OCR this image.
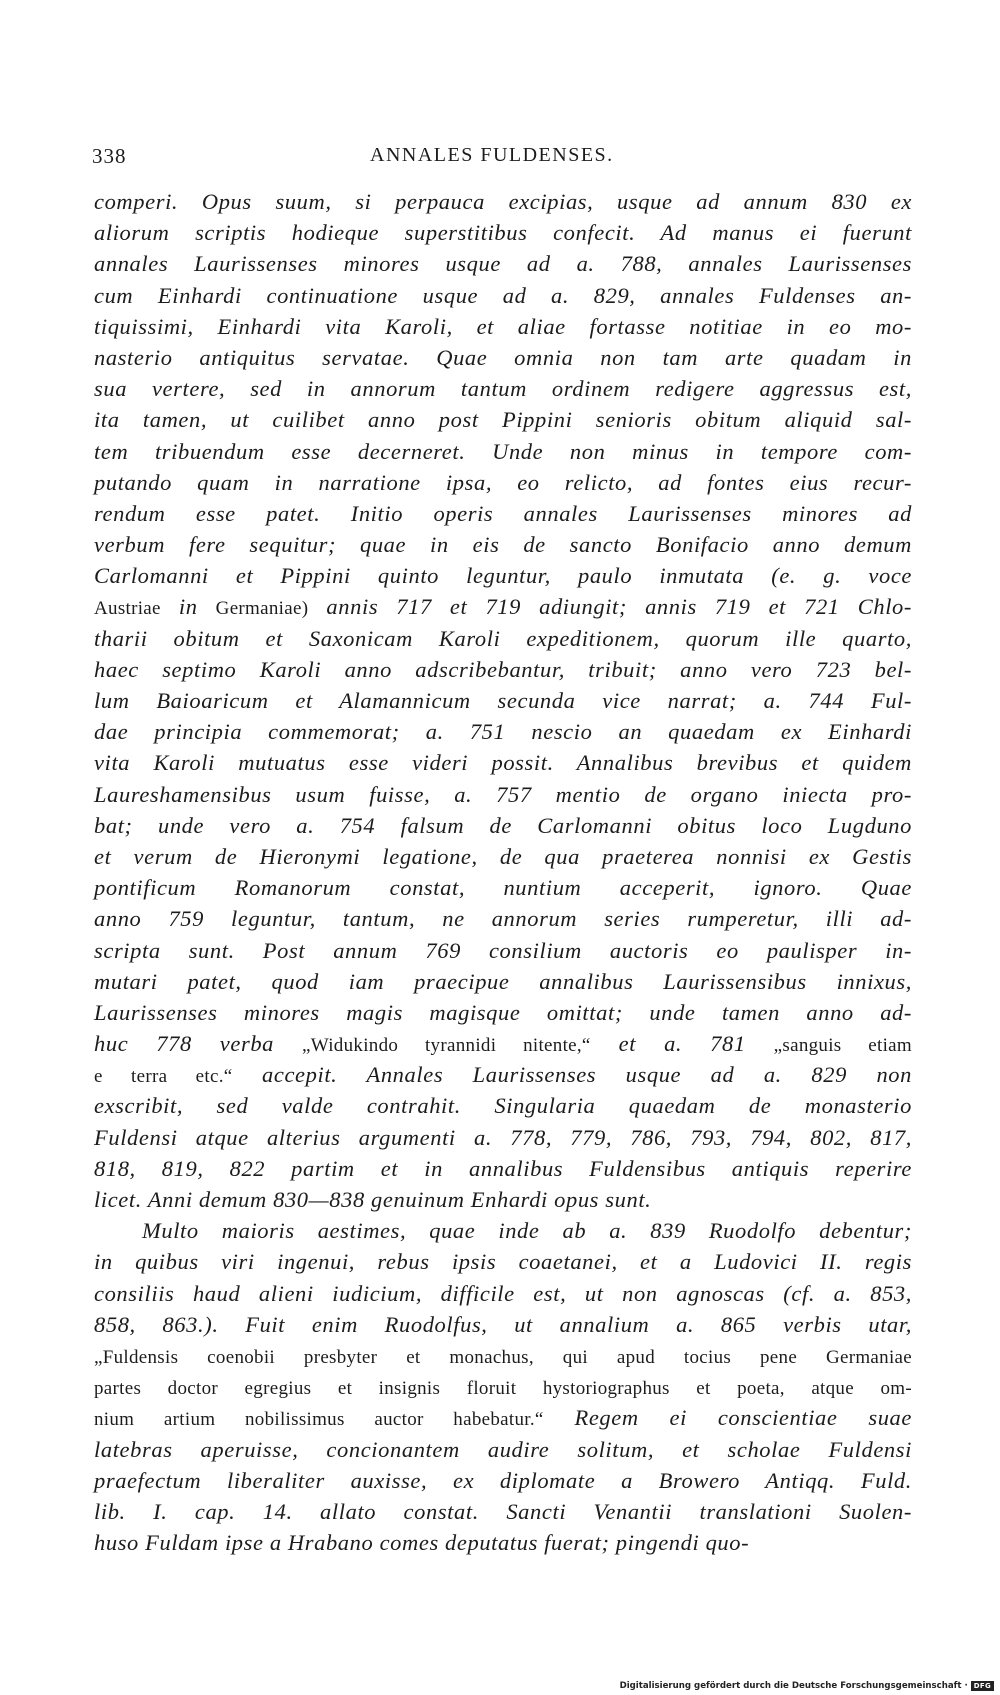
338	ANNALES FULDENSES.
comperi. Opus suum, si perpauca excipias, usque ad annum 830 ex
aliorum scriptis hodieque superstitibus confecit. Ad manus ei fuerunt
annales Laurissenses minores usque ad a. 788, annales Laurissenses
cum Einhardi continuatione usque ad a. 829, annales Fuldenses an-
tiquissimi, Einhardi vita Karoli, et aliae fortasse notitiae in eo mo-
nasterio antiquitus servatae. Quae omnia non tam arte quadam in
sua vertere, sed in annorum tantum ordinem redigere aggressus est,
ita tamen, ut cuilibet anno post Pippini senioris obitum aliquid sal-
tem tribuendum esse decerneret. Unde non minus in tempore com-
putando quam in narratione ipsa, eo relicto, ad fontes eius recur-
rendum esse patet. Initio operis annales Laurissenses minores ad
verbum fere sequitur; quae in eis de sancto Bonifacio anno demum
Carlomanni et Pippini quinto leguntur, paulo inmutata (e. g. voce
Austriae in Germaniae) annis 717 et 719 adiungit; annis 719 et 721 Chlo-
tharii obitum et Saxonicam Karoli expeditionem, quorum ille quarto,
haec septimo Karoli anno adscribebantur, tribuit; anno vero 723 bel-
lum Baioaricum et Alamannicum secunda vice narrat; a. 744 Ful-
dae principia commemorat; a. 751 nescio an quaedam ex Einhardi
vita Karoli mutuatus esse videri possit. Annalibus brevibus et quidem
Laureshamensibus usum fuisse, a. 757 mentio de organo iniecta pro-
bat; unde vero a. 754 falsum de Carlomanni obitus loco Lugduno
et verum de Hieronymi legatione, de qua praeterea nonnisi ex Gestis
pontificum Romanorum constat, nuntium acceperit, ignoro. Quae
anno 759 leguntur, tantum, ne annorum series rumperetur, illi ad-
scripta sunt. Post annum 769 consilium auctoris eo paulisper in-
mutari patet, quod iam praecipue annalibus Laurissensibus innixus,
Laurissenses minores magis magisque omittat; unde tamen anno ad-
huc 778 verba „Widukindo tyrannidi nitente,“ et a. 781 „sanguis etiam
e terra etc.“ accepit. Annales Laurissenses usque ad a. 829 non
exscribit, sed valde contrahit. Singularia quaedam de monasterio
Fuldensi atque alterius argumenti a. 778, 779, 786, 793, 794, 802, 817,
818, 819, 822 partim et in annalibus Fuldensibus antiquis reperire
licet. Anni demum 830—838 genuinum Enhardi opus sunt.
Multo maioris aestimes, quae inde ab a. 839 Ruodolfo debentur;
in quibus viri ingenui, rebus ipsis coaetanei, et a Ludovici II. regis
consiliis haud alieni iudicium, difficile est, ut non agnoscas (cf. a. 853,
858, 863.). Fuit enim Ruodolfus, ut annalium a. 865 verbis utar,
„Fuldensis coenobii presbyter et monachus, qui apud tocius pene Germaniae
partes doctor egregius et insignis floruit hystoriographus et poeta, atque om-
nium artium nobilissimus auctor habebatur.“ Regem ei conscientiae suae
latebras aperuisse, concionantem audire solitum, et scholae Fuldensi
praefectum liberaliter auxisse, ex diplomate a Browero Antiqq. Fuld.
lib. I. cap. 14. allato constat. Sancti Venantii translationi Suolen-
huso Fuldam ipse a Hrabano comes deputatus fuerat; pingendi quo-
Digitalisierung gefördert durch die Deutsche Forschungsgemeinschaft · DFG
